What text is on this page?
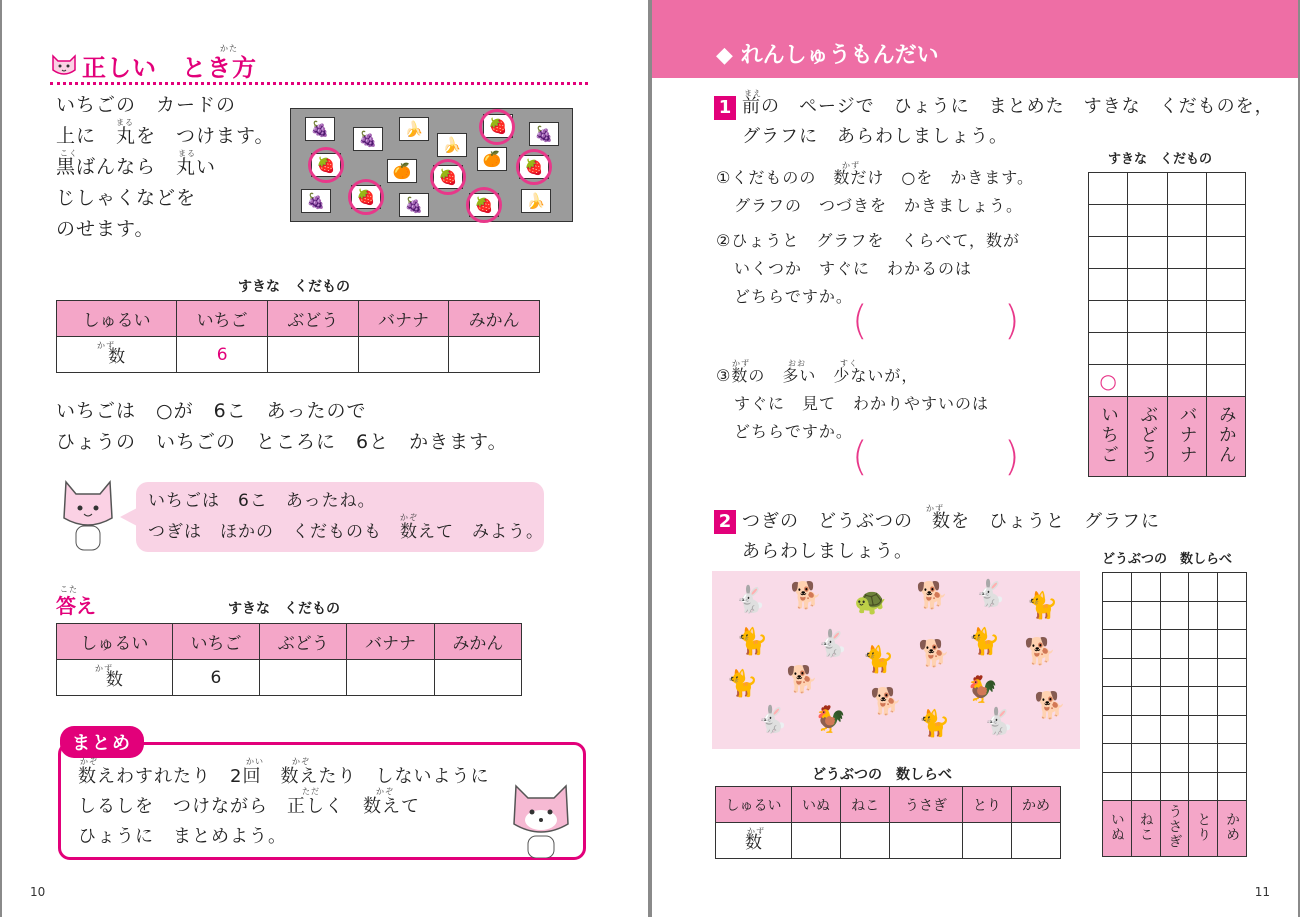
正しい　とき方
かた
いちごの　カードの
上に　丸を　つけます。
黒ばんなら　丸い
じしゃくなどを
のせます。
まる
こく	まる
🍇
🍇
🍌
🍌
🍓	🍇
🍓	🍊	🍓
🍊	🍓
🍇	🍓	🍇	🍓	🍌
すきな　くだもの
しゅるい	いちご	ぶどう	バナナ	みかん
数	6			
かず
いちごは　○が　6こ　あったので
ひょうの　いちごの　ところに　6と　かきます。
いちごは　6こ　あったね。
つぎは　ほかの　くだものも　数えて　みよう。
かぞ
答え
こた
すきな　くだもの
しゅるい	いちご	ぶどう	バナナ	みかん
数	6			
かず
まとめ
数えわすれたり　2回　数えたり　しないように
しるしを　つけながら　正しく　数えて
ひょうに　まとめよう。
かぞ	かい	かぞ
ただ	かぞ
10
◆ れんしゅうもんだい
1 前の　ページで　ひょうに　まとめた　すきな　くだものを，
グラフに　あらわしましょう。
まえ
①くだものの　数だけ　○を　かきます。
グラフの　つづきを　かきましょう。
かず
②ひょうと　グラフを　くらべて，数が
いくつか　すぐに　わかるのは
どちらですか。
(	)
③数の　多い　少ないが，
すぐに　見て　わかりやすいのは
どちらですか。
かず	おお	すく
(	)
すきな　くだもの

○			
いちご	ぶどう	バナナ	みかん
2 つぎの　どうぶつの　数を　ひょうと　グラフに
あらわしましょう。
かず
🐇 🐕 🐢 🐕 🐇 🐈
🐈 🐇
🐈 🐕 🐈 🐕
🐈 🐕	🐓
🐕
🐇 🐓	🐈 🐇
🐕
どうぶつの　数しらべ
しゅるい	いぬ	ねこ	うさぎ	とり	かめ
数					
かず
どうぶつの　数しらべ

いぬ	ねこ	うさぎ	とり	かめ
11
